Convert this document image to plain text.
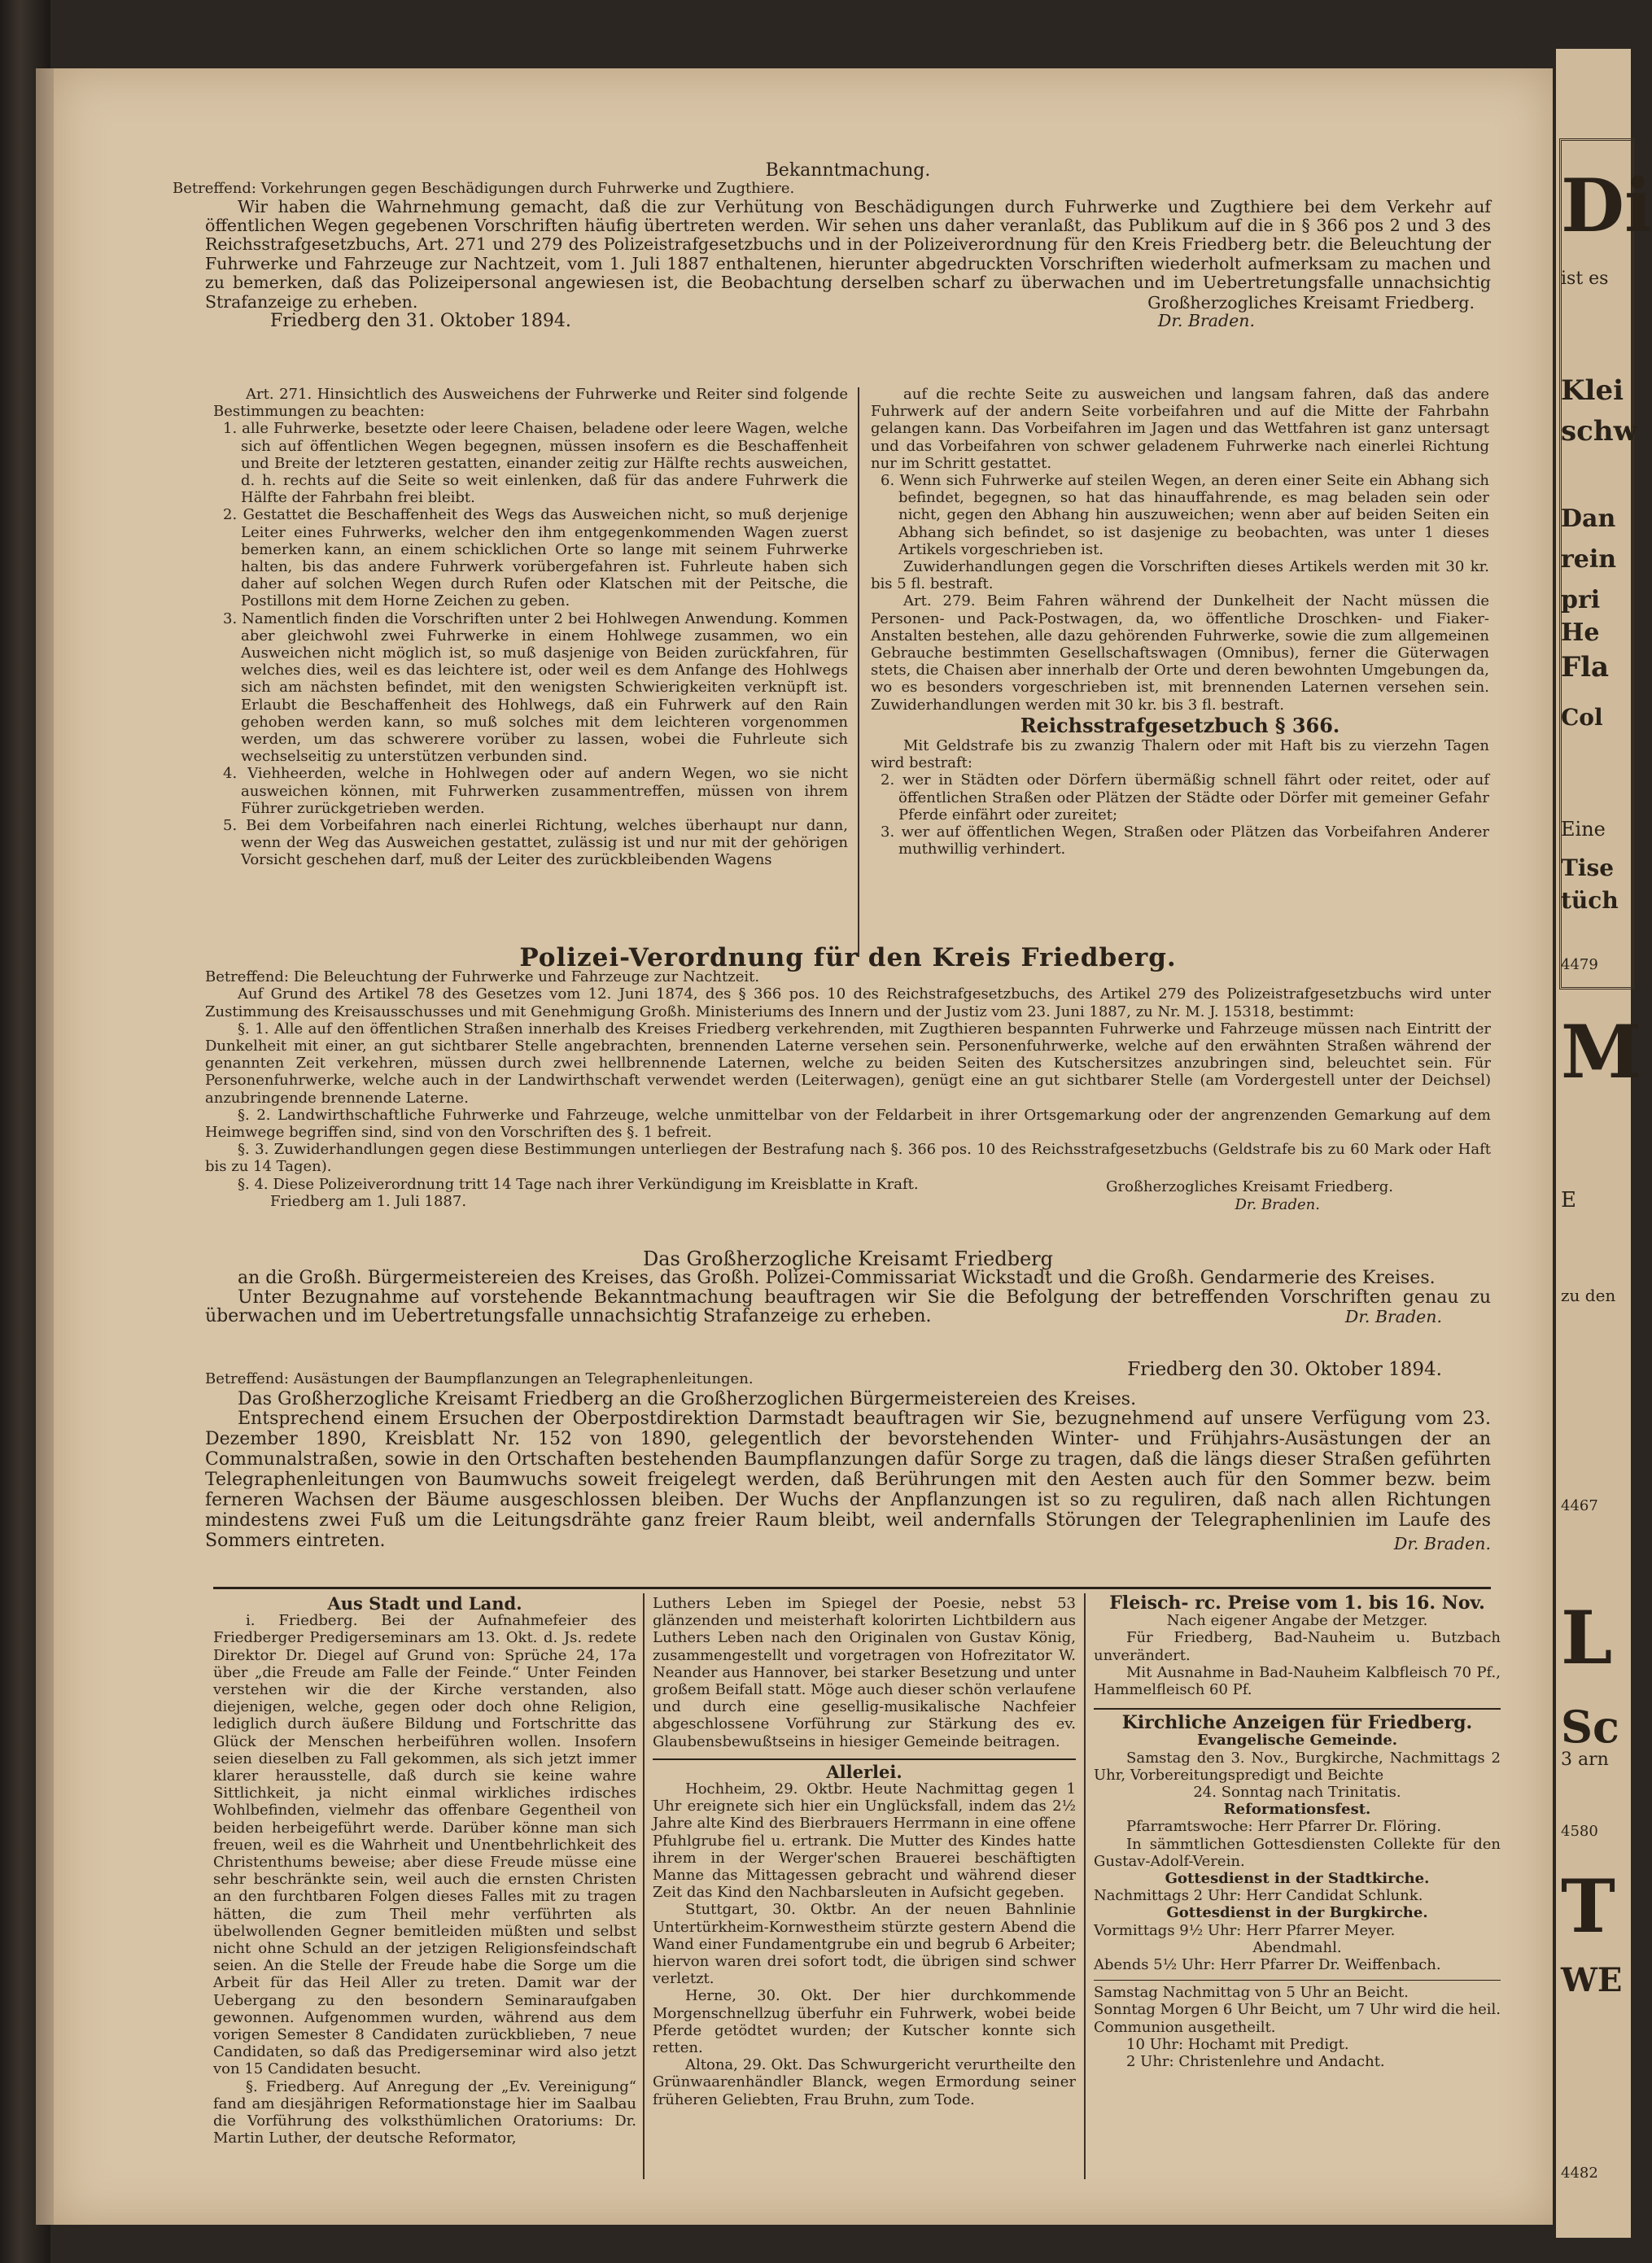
Di
ist es
Klei
schw
Dan
rein
pri
He
Fla
Col
Eine
Tise
tüch
4479
M
E
zu den
4467
L
Sc
3 arn
4580
T
WE
4482

Bekanntmachung.

Betreffend: Vorkehrungen gegen Beschädigungen durch Fuhrwerke und Zugthiere.

Wir haben die Wahrnehmung gemacht, daß die zur Verhütung von Beschädigungen durch Fuhrwerke und Zugthiere bei dem Verkehr auf öffentlichen Wegen gegebenen Vorschriften häufig übertreten werden. Wir sehen uns daher veranlaßt, das Publikum auf die in § 366 pos 2 und 3 des Reichsstrafgesetzbuchs, Art. 271 und 279 des Polizeistrafgesetzbuchs und in der Polizeiverordnung für den Kreis Friedberg betr. die Beleuchtung der Fuhrwerke und Fahrzeuge zur Nachtzeit, vom 1. Juli 1887 enthaltenen, hierunter abgedruckten Vorschriften wiederholt aufmerksam zu machen und zu bemerken, daß das Polizeipersonal angewiesen ist, die Beobachtung derselben scharf zu überwachen und im Uebertretungsfalle unnachsichtig Strafanzeige zu erheben.

Friedberg den 31. Oktober 1894.
Großherzogliches Kreisamt Friedberg.
Dr. Braden.

Art. 271. Hinsichtlich des Ausweichens der Fuhrwerke und Reiter sind folgende Bestimmungen zu beachten:

1. alle Fuhrwerke, besetzte oder leere Chaisen, beladene oder leere Wagen, welche sich auf öffentlichen Wegen begegnen, müssen insofern es die Beschaffenheit und Breite der letzteren gestatten, einander zeitig zur Hälfte rechts ausweichen, d. h. rechts auf die Seite so weit einlenken, daß für das andere Fuhrwerk die Hälfte der Fahrbahn frei bleibt.

2. Gestattet die Beschaffenheit des Wegs das Ausweichen nicht, so muß derjenige Leiter eines Fuhrwerks, welcher den ihm entgegenkommenden Wagen zuerst bemerken kann, an einem schicklichen Orte so lange mit seinem Fuhrwerke halten, bis das andere Fuhrwerk vorübergefahren ist. Fuhrleute haben sich daher auf solchen Wegen durch Rufen oder Klatschen mit der Peitsche, die Postillons mit dem Horne Zeichen zu geben.

3. Namentlich finden die Vorschriften unter 2 bei Hohlwegen Anwendung. Kommen aber gleichwohl zwei Fuhrwerke in einem Hohlwege zusammen, wo ein Ausweichen nicht möglich ist, so muß dasjenige von Beiden zurückfahren, für welches dies, weil es das leichtere ist, oder weil es dem Anfange des Hohlwegs sich am nächsten befindet, mit den wenigsten Schwierigkeiten verknüpft ist. Erlaubt die Beschaffenheit des Hohlwegs, daß ein Fuhrwerk auf den Rain gehoben werden kann, so muß solches mit dem leichteren vorgenommen werden, um das schwerere vorüber zu lassen, wobei die Fuhrleute sich wechselseitig zu unterstützen verbunden sind.

4. Viehheerden, welche in Hohlwegen oder auf andern Wegen, wo sie nicht ausweichen können, mit Fuhrwerken zusammentreffen, müssen von ihrem Führer zurückgetrieben werden.

5. Bei dem Vorbeifahren nach einerlei Richtung, welches überhaupt nur dann, wenn der Weg das Ausweichen gestattet, zulässig ist und nur mit der gehörigen Vorsicht geschehen darf, muß der Leiter des zurückbleibenden Wagens

auf die rechte Seite zu ausweichen und langsam fahren, daß das andere Fuhrwerk auf der andern Seite vorbeifahren und auf die Mitte der Fahrbahn gelangen kann. Das Vorbeifahren im Jagen und das Wettfahren ist ganz untersagt und das Vorbeifahren von schwer geladenem Fuhrwerke nach einerlei Richtung nur im Schritt gestattet.

6. Wenn sich Fuhrwerke auf steilen Wegen, an deren einer Seite ein Abhang sich befindet, begegnen, so hat das hinauffahrende, es mag beladen sein oder nicht, gegen den Abhang hin auszuweichen; wenn aber auf beiden Seiten ein Abhang sich befindet, so ist dasjenige zu beobachten, was unter 1 dieses Artikels vorgeschrieben ist.

Zuwiderhandlungen gegen die Vorschriften dieses Artikels werden mit 30 kr. bis 5 fl. bestraft.

Art. 279. Beim Fahren während der Dunkelheit der Nacht müssen die Personen- und Pack-Postwagen, da, wo öffentliche Droschken- und Fiaker-Anstalten bestehen, alle dazu gehörenden Fuhrwerke, sowie die zum allgemeinen Gebrauche bestimmten Gesellschaftswagen (Omnibus), ferner die Güterwagen stets, die Chaisen aber innerhalb der Orte und deren bewohnten Umgebungen da, wo es besonders vorgeschrieben ist, mit brennenden Laternen versehen sein. Zuwiderhandlungen werden mit 30 kr. bis 3 fl. bestraft.

Reichsstrafgesetzbuch § 366.

Mit Geldstrafe bis zu zwanzig Thalern oder mit Haft bis zu vierzehn Tagen wird bestraft:

2. wer in Städten oder Dörfern übermäßig schnell fährt oder reitet, oder auf öffentlichen Straßen oder Plätzen der Städte oder Dörfer mit gemeiner Gefahr Pferde einfährt oder zureitet;

3. wer auf öffentlichen Wegen, Straßen oder Plätzen das Vorbeifahren Anderer muthwillig verhindert.

Polizei-Verordnung für den Kreis Friedberg.

Betreffend: Die Beleuchtung der Fuhrwerke und Fahrzeuge zur Nachtzeit.

Auf Grund des Artikel 78 des Gesetzes vom 12. Juni 1874, des § 366 pos. 10 des Reichstrafgesetzbuchs, des Artikel 279 des Polizeistrafgesetzbuchs wird unter Zustimmung des Kreisausschusses und mit Genehmigung Großh. Ministeriums des Innern und der Justiz vom 23. Juni 1887, zu Nr. M. J. 15318, bestimmt:

§. 1. Alle auf den öffentlichen Straßen innerhalb des Kreises Friedberg verkehrenden, mit Zugthieren bespannten Fuhrwerke und Fahrzeuge müssen nach Eintritt der Dunkelheit mit einer, an gut sichtbarer Stelle angebrachten, brennenden Laterne versehen sein. Personenfuhrwerke, welche auf den erwähnten Straßen während der genannten Zeit verkehren, müssen durch zwei hellbrennende Laternen, welche zu beiden Seiten des Kutschersitzes anzubringen sind, beleuchtet sein. Für Personenfuhrwerke, welche auch in der Landwirthschaft verwendet werden (Leiterwagen), genügt eine an gut sichtbarer Stelle (am Vordergestell unter der Deichsel) anzubringende brennende Laterne.

§. 2. Landwirthschaftliche Fuhrwerke und Fahrzeuge, welche unmittelbar von der Feldarbeit in ihrer Ortsgemarkung oder der angrenzenden Gemarkung auf dem Heimwege begriffen sind, sind von den Vorschriften des §. 1 befreit.

§. 3. Zuwiderhandlungen gegen diese Bestimmungen unterliegen der Bestrafung nach §. 366 pos. 10 des Reichsstrafgesetzbuchs (Geldstrafe bis zu 60 Mark oder Haft bis zu 14 Tagen).

§. 4. Diese Polizeiverordnung tritt 14 Tage nach ihrer Verkündigung im Kreisblatte in Kraft.

Friedberg am 1. Juli 1887.
Großherzogliches Kreisamt Friedberg.
Dr. Braden.

Das Großherzogliche Kreisamt Friedberg

an die Großh. Bürgermeistereien des Kreises, das Großh. Polizei-Commissariat Wickstadt und die Großh. Gendarmerie des Kreises.

Unter Bezugnahme auf vorstehende Bekanntmachung beauftragen wir Sie die Befolgung der betreffenden Vorschriften genau zu überwachen und im Uebertretungsfalle unnachsichtig Strafanzeige zu erheben.	Dr. Braden.

Betreffend: Ausästungen der Baumpflanzungen an Telegraphenleitungen.	Friedberg den 30. Oktober 1894.

Das Großherzogliche Kreisamt Friedberg an die Großherzoglichen Bürgermeistereien des Kreises.

Entsprechend einem Ersuchen der Oberpostdirektion Darmstadt beauftragen wir Sie, bezugnehmend auf unsere Verfügung vom 23. Dezember 1890, Kreisblatt Nr. 152 von 1890, gelegentlich der bevorstehenden Winter- und Frühjahrs-Ausästungen der an Communalstraßen, sowie in den Ortschaften bestehenden Baumpflanzungen dafür Sorge zu tragen, daß die längs dieser Straßen geführten Telegraphenleitungen von Baumwuchs soweit freigelegt werden, daß Berührungen mit den Aesten auch für den Sommer bezw. beim ferneren Wachsen der Bäume ausgeschlossen bleiben. Der Wuchs der Anpflanzungen ist so zu reguliren, daß nach allen Richtungen mindestens zwei Fuß um die Leitungsdrähte ganz freier Raum bleibt, weil andernfalls Störungen der Telegraphenlinien im Laufe des Sommers eintreten.	Dr. Braden.

Aus Stadt und Land.

i. Friedberg. Bei der Aufnahmefeier des Friedberger Predigerseminars am 13. Okt. d. Js. redete Direktor Dr. Diegel auf Grund von: Sprüche 24, 17a über „die Freude am Falle der Feinde.“ Unter Feinden verstehen wir die der Kirche verstanden, also diejenigen, welche, gegen oder doch ohne Religion, lediglich durch äußere Bildung und Fortschritte das Glück der Menschen herbeiführen wollen. Insofern seien dieselben zu Fall gekommen, als sich jetzt immer klarer herausstelle, daß durch sie keine wahre Sittlichkeit, ja nicht einmal wirkliches irdisches Wohlbefinden, vielmehr das offenbare Gegentheil von beiden herbeigeführt werde. Darüber könne man sich freuen, weil es die Wahrheit und Unentbehrlichkeit des Christenthums beweise; aber diese Freude müsse eine sehr beschränkte sein, weil auch die ernsten Christen an den furchtbaren Folgen dieses Falles mit zu tragen hätten, die zum Theil mehr verführten als übelwollenden Gegner bemitleiden müßten und selbst nicht ohne Schuld an der jetzigen Religionsfeindschaft seien. An die Stelle der Freude habe die Sorge um die Arbeit für das Heil Aller zu treten. Damit war der Uebergang zu den besondern Seminaraufgaben gewonnen. Aufgenommen wurden, während aus dem vorigen Semester 8 Candidaten zurückblieben, 7 neue Candidaten, so daß das Predigerseminar wird also jetzt von 15 Candidaten besucht.

§. Friedberg. Auf Anregung der „Ev. Vereinigung“ fand am diesjährigen Reformationstage hier im Saalbau die Vorführung des volksthümlichen Oratoriums: Dr. Martin Luther, der deutsche Reformator,

Luthers Leben im Spiegel der Poesie, nebst 53 glänzenden und meisterhaft kolorirten Lichtbildern aus Luthers Leben nach den Originalen von Gustav König, zusammengestellt und vorgetragen von Hofrezitator W. Neander aus Hannover, bei starker Besetzung und unter großem Beifall statt. Möge auch dieser schön verlaufene und durch eine gesellig-musikalische Nachfeier abgeschlossene Vorführung zur Stärkung des ev. Glaubensbewußtseins in hiesiger Gemeinde beitragen.

Allerlei.

Hochheim, 29. Oktbr. Heute Nachmittag gegen 1 Uhr ereignete sich hier ein Unglücksfall, indem das 2½ Jahre alte Kind des Bierbrauers Herrmann in eine offene Pfuhlgrube fiel u. ertrank. Die Mutter des Kindes hatte ihrem in der Werger'schen Brauerei beschäftigten Manne das Mittagessen gebracht und während dieser Zeit das Kind den Nachbarsleuten in Aufsicht gegeben.

Stuttgart, 30. Oktbr. An der neuen Bahnlinie Untertürkheim-Kornwestheim stürzte gestern Abend die Wand einer Fundamentgrube ein und begrub 6 Arbeiter; hiervon waren drei sofort todt, die übrigen sind schwer verletzt.

Herne, 30. Okt. Der hier durchkommende Morgenschnellzug überfuhr ein Fuhrwerk, wobei beide Pferde getödtet wurden; der Kutscher konnte sich retten.

Altona, 29. Okt. Das Schwurgericht verurtheilte den Grünwaarenhändler Blanck, wegen Ermordung seiner früheren Geliebten, Frau Bruhn, zum Tode.

Fleisch- rc. Preise vom 1. bis 16. Nov.

Nach eigener Angabe der Metzger.

Für Friedberg, Bad-Nauheim u. Butzbach unverändert.

Mit Ausnahme in Bad-Nauheim Kalbfleisch 70 Pf., Hammelfleisch 60 Pf.

Kirchliche Anzeigen für Friedberg.

Evangelische Gemeinde.

Samstag den 3. Nov., Burgkirche, Nachmittags 2 Uhr, Vorbereitungspredigt und Beichte

24. Sonntag nach Trinitatis.

Reformationsfest.

Pfarramtswoche: Herr Pfarrer Dr. Flöring.

In sämmtlichen Gottesdiensten Collekte für den Gustav-Adolf-Verein.

Gottesdienst in der Stadtkirche.

Nachmittags 2 Uhr: Herr Candidat Schlunk.

Gottesdienst in der Burgkirche.

Vormittags 9½ Uhr: Herr Pfarrer Meyer.

Abendmahl.

Abends 5½ Uhr: Herr Pfarrer Dr. Weiffenbach.

Samstag Nachmittag von 5 Uhr an Beicht.

Sonntag Morgen 6 Uhr Beicht, um 7 Uhr wird die heil. Communion ausgetheilt.

10 Uhr: Hochamt mit Predigt.

2 Uhr: Christenlehre und Andacht.
